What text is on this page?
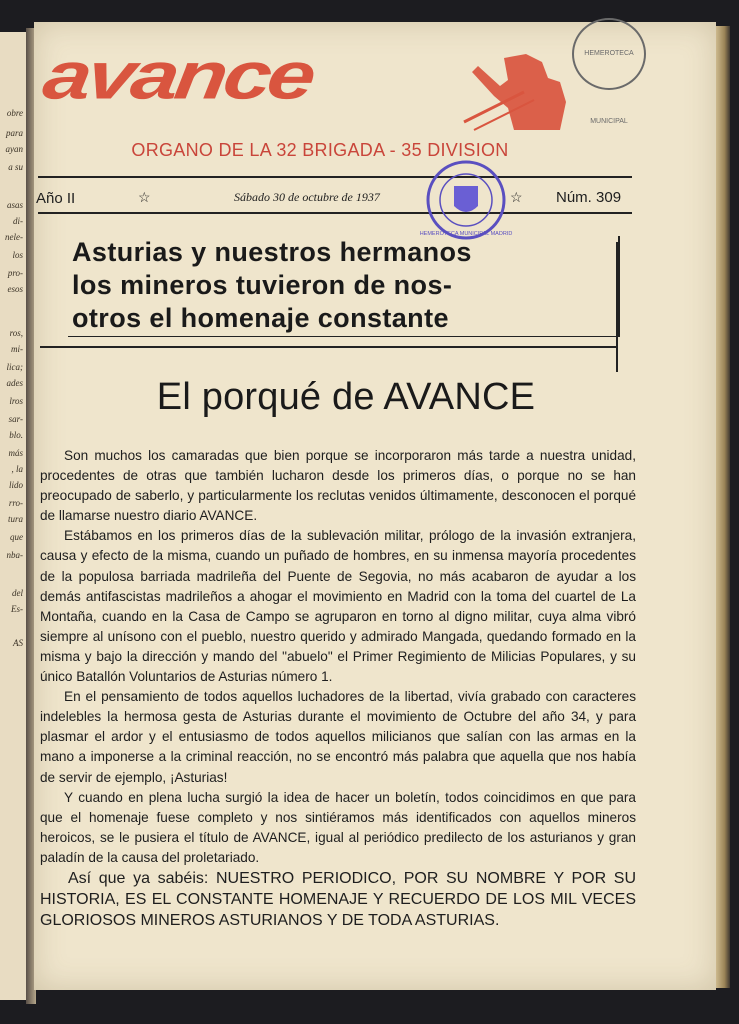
obre
para
ayan
a su
asas
di-
nele-
los
pro-
esos
ros,
mi-
lica;
ades
lros
sar-
blo.
más
, la
lido
rro-
tura
que
nba-
del
Es-
AS
avance	HEMEROTECA MUNICIPAL
ORGANO DE LA 32 BRIGADA - 35 DIVISION
Año II	☆	Sábado 30 de octubre de 1937	☆ Núm. 309
HEMEROTECA MUNICIPAL MADRID
Asturias y nuestros hermanos
los mineros tuvieron de nos-
otros el homenaje constante
El porqué de AVANCE

Son muchos los camaradas que bien porque se incorporaron más tarde a nuestra unidad, procedentes de otras que también lucharon desde los primeros días, o porque no se han preocupado de saberlo, y particularmente los reclutas venidos últimamente, desconocen el porqué de llamarse nuestro diario AVANCE.

Estábamos en los primeros días de la sublevación militar, prólogo de la invasión extranjera, causa y efecto de la misma, cuando un puñado de hombres, en su inmensa mayoría procedentes de la populosa barriada madrileña del Puente de Segovia, no más acabaron de ayudar a los demás antifascistas madrileños a ahogar el movimiento en Madrid con la toma del cuartel de La Montaña, cuando en la Casa de Campo se agruparon en torno al digno militar, cuya alma vibró siempre al unísono con el pueblo, nuestro querido y admirado Mangada, quedando formado en la misma y bajo la dirección y mando del "abuelo" el Primer Regimiento de Milicias Populares, y su único Batallón Voluntarios de Asturias número 1.

En el pensamiento de todos aquellos luchadores de la libertad, vivía grabado con caracteres indelebles la hermosa gesta de Asturias durante el movimiento de Octubre del año 34, y para plasmar el ardor y el entusiasmo de todos aquellos milicianos que salían con las armas en la mano a imponerse a la criminal reacción, no se encontró más palabra que aquella que nos había de servir de ejemplo, ¡Asturias!

Y cuando en plena lucha surgió la idea de hacer un boletín, todos coincidimos en que para que el homenaje fuese completo y nos sintiéramos más identificados con aquellos mineros heroicos, se le pusiera el título de AVANCE, igual al periódico predilecto de los asturianos y gran paladín de la causa del proletariado.

Así que ya sabéis: NUESTRO PERIODICO, POR SU NOMBRE Y POR SU HISTORIA, ES EL CONSTANTE HOMENAJE Y RECUERDO DE LOS MIL VECES GLORIOSOS MINEROS ASTURIANOS Y DE TODA ASTURIAS.
